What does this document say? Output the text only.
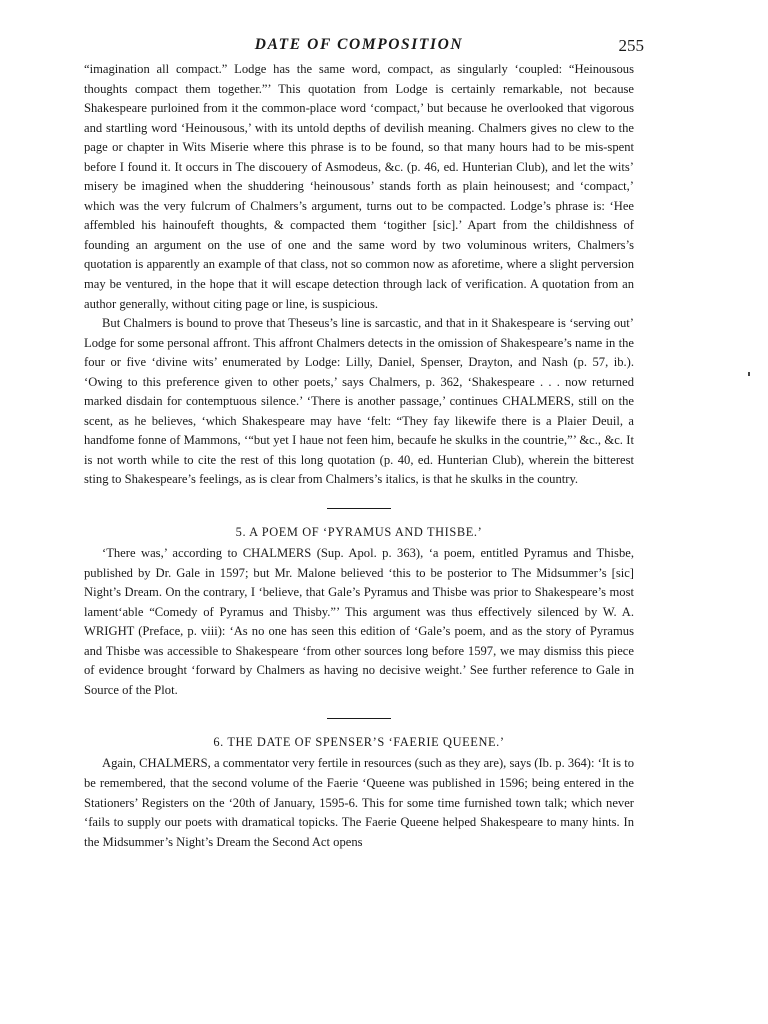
DATE OF COMPOSITION	255

“imagination all compact.” Lodge has the same word, compact, as singularly ‘coupled: “Heinousous thoughts compact them together.”’ This quotation from Lodge is certainly remarkable, not because Shakespeare purloined from it the common-place word ‘compact,’ but because he overlooked that vigorous and startling word ‘Heinousous,’ with its untold depths of devilish meaning. Chalmers gives no clew to the page or chapter in Wits Miserie where this phrase is to be found, so that many hours had to be mis-spent before I found it. It occurs in The discouery of Asmodeus, &c. (p. 46, ed. Hunterian Club), and let the wits’ misery be imagined when the shuddering ‘heinousous’ stands forth as plain heinousest; and ‘compact,’ which was the very fulcrum of Chalmers’s argument, turns out to be compacted. Lodge’s phrase is: ‘Hee affembled his hainoufeft thoughts, & compacted them ‘togither [sic].’ Apart from the childishness of founding an argument on the use of one and the same word by two voluminous writers, Chalmers’s quotation is apparently an example of that class, not so common now as aforetime, where a slight perversion may be ventured, in the hope that it will escape detection through lack of verification. A quotation from an author generally, without citing page or line, is suspicious.

But Chalmers is bound to prove that Theseus’s line is sarcastic, and that in it Shakespeare is ‘serving out’ Lodge for some personal affront. This affront Chalmers detects in the omission of Shakespeare’s name in the four or five ‘divine wits’ enumerated by Lodge: Lilly, Daniel, Spenser, Drayton, and Nash (p. 57, ib.). ‘Owing to this preference given to other poets,’ says Chalmers, p. 362, ‘Shakespeare . . . now returned marked disdain for contemptuous silence.’ ‘There is another passage,’ continues CHALMERS, still on the scent, as he believes, ‘which Shakespeare may have ‘felt: “They fay likewife there is a Plaier Deuil, a handfome fonne of Mammons, ‘“but yet I haue not feen him, becaufe he skulks in the countrie,”’ &c., &c. It is not worth while to cite the rest of this long quotation (p. 40, ed. Hunterian Club), wherein the bitterest sting to Shakespeare’s feelings, as is clear from Chalmers’s italics, is that he skulks in the country.

5. A POEM OF ‘PYRAMUS AND THISBE.’

‘There was,’ according to CHALMERS (Sup. Apol. p. 363), ‘a poem, entitled Pyramus and Thisbe, published by Dr. Gale in 1597; but Mr. Malone believed ‘this to be posterior to The Midsummer’s [sic] Night’s Dream. On the contrary, I ‘believe, that Gale’s Pyramus and Thisbe was prior to Shakespeare’s most lament‘able “Comedy of Pyramus and Thisby.”’ This argument was thus effectively silenced by W. A. WRIGHT (Preface, p. viii): ‘As no one has seen this edition of ‘Gale’s poem, and as the story of Pyramus and Thisbe was accessible to Shakespeare ‘from other sources long before 1597, we may dismiss this piece of evidence brought ‘forward by Chalmers as having no decisive weight.’ See further reference to Gale in Source of the Plot.

6. THE DATE OF SPENSER’S ‘FAERIE QUEENE.’

Again, CHALMERS, a commentator very fertile in resources (such as they are), says (Ib. p. 364): ‘It is to be remembered, that the second volume of the Faerie ‘Queene was published in 1596; being entered in the Stationers’ Registers on the ‘20th of January, 1595-6. This for some time furnished town talk; which never ‘fails to supply our poets with dramatical topicks. The Faerie Queene helped Shakespeare to many hints. In the Midsummer’s Night’s Dream the Second Act opens
